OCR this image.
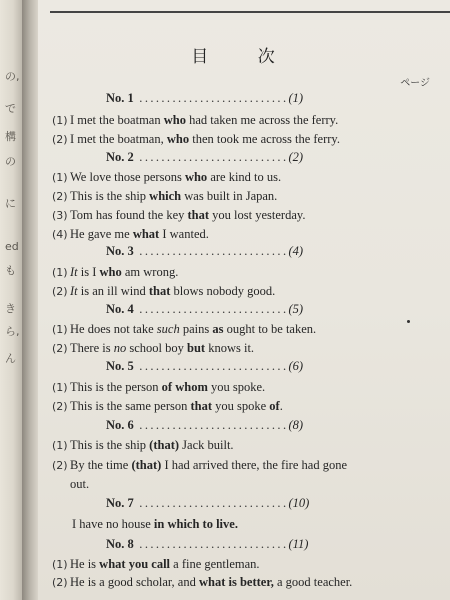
の,
で
構
の
に
ed
も
き
ら,
ん
目 次
ページ
No. 1 ...........................(1)
(1) I met the boatman who had taken me across the ferry.
(2) I met the boatman, who then took me across the ferry.
No. 2 ...........................(2)
(1) We love those persons who are kind to us.
(2) This is the ship which was built in Japan.
(3) Tom has found the key that you lost yesterday.
(4) He gave me what I wanted.
No. 3 ...........................(4)
(1) It is I who am wrong.
(2) It is an ill wind that blows nobody good.
No. 4 ...........................(5)
(1) He does not take such pains as ought to be taken.
(2) There is no school boy but knows it.
No. 5 ...........................(6)
(1) This is the person of whom you spoke.
(2) This is the same person that you spoke of.
No. 6 ...........................(8)
(1) This is the ship (that) Jack built.
(2) By the time (that) I had arrived there, the fire had gone
out.
No. 7 ...........................(10)
I have no house in which to live.
No. 8 ...........................(11)
(1) He is what you call a fine gentleman.
(2) He is a good scholar, and what is better, a good teacher.
